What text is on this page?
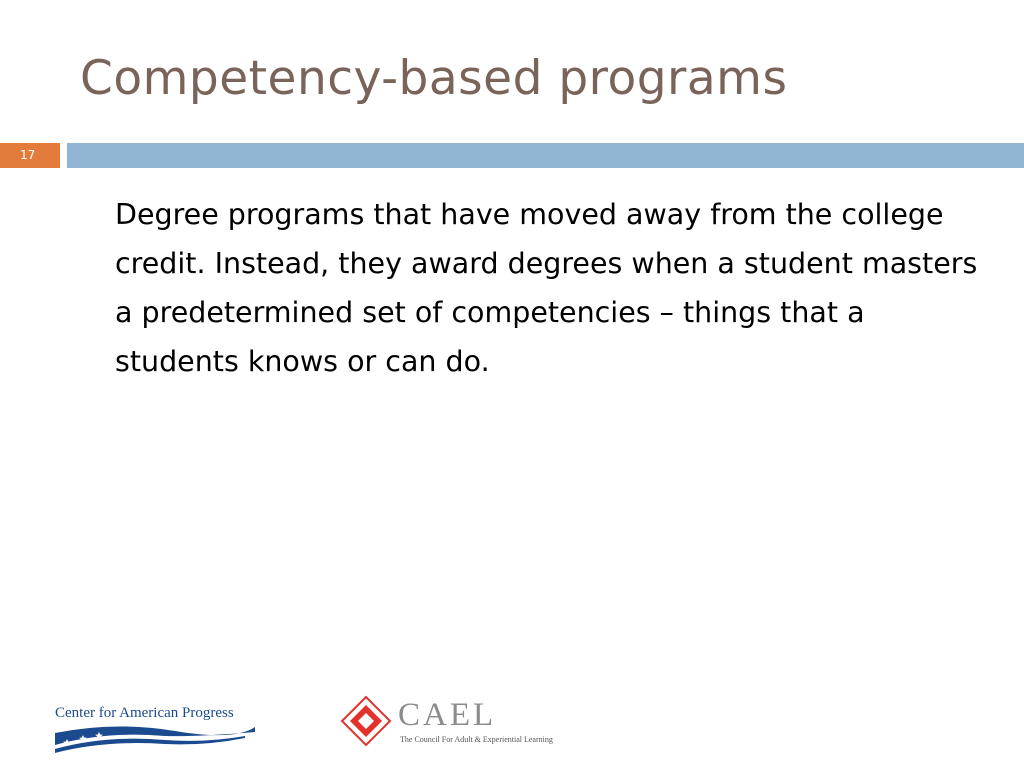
Competency-based programs
17

Degree programs that have moved away from the college credit. Instead, they award degrees when a student masters a predetermined set of competencies – things that a students knows or can do.

Center for American Progress	CAEL
The Council For Adult & Experiential Learning
